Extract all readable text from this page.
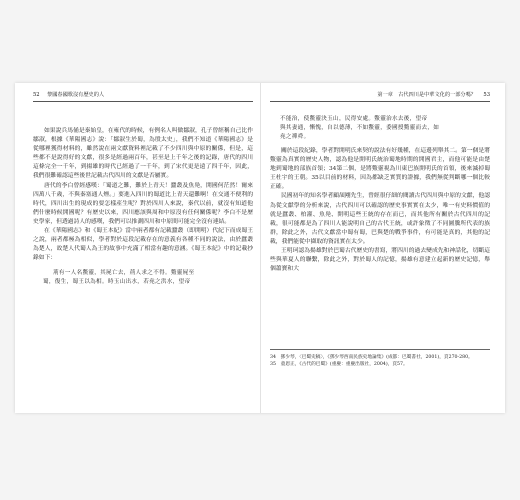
52 黎國春國歌沒有歷史的人

如果說兵馬俑是秦始皇，在雍代的時候，有例名人叫做鄒淑，孔子曾經稱自己比作鄒淑，根據《華陽國志》說：「鄒淑生於蜀，為殷太史」，我們不知道《華陽國志》是從哪裡獲得材料的，雖然說在兩文獻資料裡記載了不少四川與中原的關係，但是，這些都不是說得好的文獻，很多是經過兩百年，甚至是上千年之後的記錄，唐代的四川這條完全一千年，到揚雄的時代已經過了一千年，到了宋代更是遠了四千年，因此，我們很難確認這些後世記載古代四川的文獻是否屬實。

唐代的李白曾經感嘆：「蜀道之難，難於上青天！蠶叢及魚鳧，開國何茫然！爾來四萬八千歲，不與秦塞通人煙。」要進入四川的蜀道比上青天還難啊！在交通不便利的時代，四川出生的現成的要怎樣產生呢？對於四川人來說，秦代以前，就沒有知道他們什麼時候開國呢？有歷史以來，四川應該與周和中原沒有任何關係呢？李白不是歷史學家，但透過詩人的感嘆，我們可以推測四川和中原間可能完全沒有連結。

在《華陽國志》和《蜀王本紀》當中兩者都有記載蠶叢（即開明）代紀下而成蜀王之說，兩者都極為相似，學者對於這段記載存在的意義有各種不同的說法，由於蠶叢為楚人，故楚人代蜀人為王的故事中充滿了相當有趣的意涵。《蜀王本紀》中的記載抄錄如下：

荊有一人名鱉靈，其屍亡去，荊人求之不得。鱉靈屍至
蜀，復生，蜀王以為相。時玉山出水，若堯之洪水，望帝
第一章　古代四川是中華文化的一部分嗎？ 53
不能治，使鱉靈決玉山，民得安處。鱉靈治水去後，望帝
與其妻通，慚愧，自以德薄，不如鱉靈，委國授鱉靈而去，如
堯之禪舜。

關於這段紀錄，學者對開明氏來契的說法有好幾種，在這邊列舉其二。第一個是將鱉靈為真實的歷史人物，認為他是開明氏統治蜀地時期的開國君主，而他可能是由楚地到蜀地的部族首領；34第二個，是將鱉靈視為川東巴族開明氏的首領，後來滅掉蜀王杜宇的王朝。35以目前的材料，因為都缺乏實質的證據，我們無從判斷哪一個比較正確。

民國初年的知名學者顧頡剛先生，曾經很仔細的閱讀古代四川與中原的文獻，他認為從文獻學的分析來說，古代四川可以確認的歷史事實實在太少，唯一有史料價值的就是蠶叢、柏灌、魚鳧、開明這些王統的存在而已，而其他所有關於古代四川的記載，很可能都是為了四川人能說明自己的古代王統，或許象徵了不同圖騰所代表的族群，除此之外，古代文獻當中蜀有蜀，巴與楚的戰爭事件，有可能是真的，其他的記載，我們能從中擷取的資訊實在太少。

王明珂認為揚雄對於巴蜀古代歷史的書寫，將四川的過去變成先和神話化，切斷這些與華夏人的聯繫，除此之外，對於蜀人的記憶，揚雄有意建立起新的歷史記憶，舉個蕭寶和大

34　鄧少琴，〈巴蜀史稿〉，《鄧少琴西南民族史地論集》(成都：巴蜀書社，2001)，頁270-280。

35　童恩正，《古代的巴蜀》(重慶：重慶出版社，2004)，頁57。
